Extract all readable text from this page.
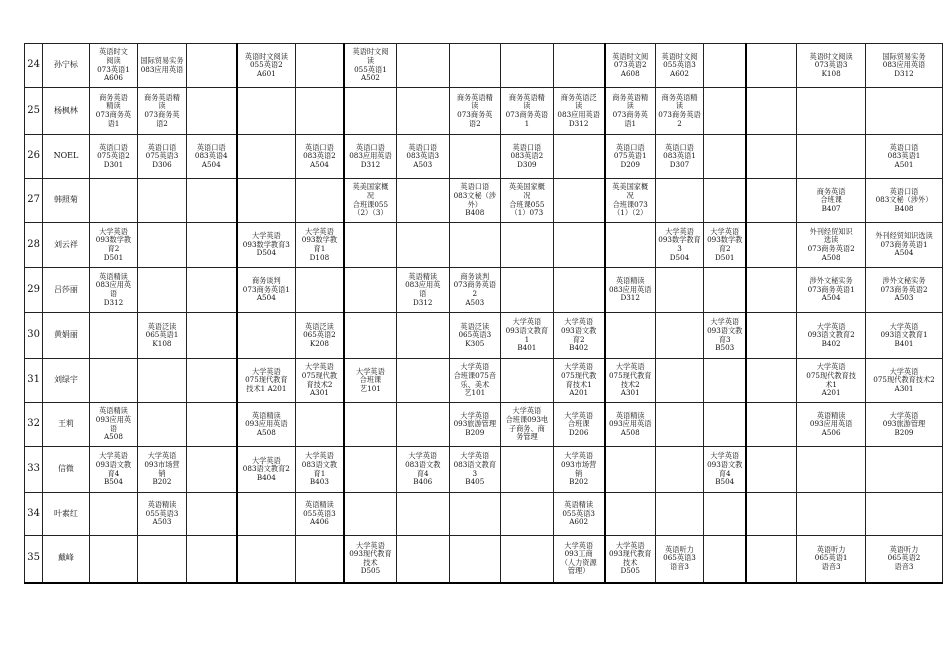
24	孙宁标	英语时文
阅读
073英语1
A606	国际贸易实务
083应用英语		英语时文阅读
055英语2
A601		英语时文阅
读
055英语1
A502					英语时文阅
073英语2
A608	英语时文阅
055英语3
A602			英语时文阅读
073英语3
K108	国际贸易实务
083应用英语
D312

25	杨枫林	商务英语
精读
073商务英
语1	商务英语精
读
073商务英
语2						商务英语精
读
073商务英
语2	商务英语精
读
073商务英语
1	商务英语泛
读
083应用英语
D312	商务英语精
读
073商务英
语1	商务英语精
读
073商务英语
2				

26	NOEL	英语口语
075英语2
D301	英语口语
075英语3
D306	英语口语
083英语4
A504		英语口语
083英语2
A504	英语口语
083应用英语
D312	英语口语
083英语3
A503		英语口语
083英语2
D309		英语口语
075英语1
D209	英语口语
083英语1
D307				英语口语
083英语1
A501

27	韩照菊						英美国家概
况
合班课055
（2）（3）		英语口语
083文秘（涉
外）
B408	英美国家概
况
合班课055
（1）073		英美国家概
况
合班课073
（1）（2）				商务英语
合班课
B407	英语口语
083文秘（涉外）
B408

28	刘云祥	大学英语
093数学教
育2
D501			大学英语
093数学教育3
D504	大学英语
093数学教
育1
D108							大学英语
093数学教育
3
D504	大学英语
093数学教
育2
D501		外刊经贸知识
选读
073商务英语2
A508	外刊经贸知识选读
073商务英语1
A504

29	吕莎丽	英语精读
083应用英
语
D312			商务谈判
073商务英语1
A504			英语精读
083应用英
语
D312	商务谈判
073商务英语
2
A503			英语精读
083应用英语
D312				涉外文秘实务
073商务英语1
A504	涉外文秘实务
073商务英语2
A503

30	黄娟丽		英语泛读
065英语1
K108			英语泛读
065英语2
K208			英语泛读
065英语3
K305	大学英语
093语文教育
1
B401	大学英语
093语文教
育2
B402			大学英语
093语文教
育3
B503		大学英语
093语文教育2
B402	大学英语
093语文教育1
B401

31	刘绿宇				大学英语
075现代教育
技术1 A201	大学英语
075现代教
育技术2
A301	大学英语
合班课
艺101		大学英语
合班课075音
乐、美术
艺101		大学英语
075现代教
育技术1
A201	大学英语
075现代教育
技术2
A301				大学英语
075现代教育技
术1
A201	大学英语
075现代教育技术2
A301

32	王莉	英语精读
093应用英
语
A508			英语精读
093应用英语
A508				大学英语
093旅游管理
B209	大学英语
合班课093电
子商务、商
务管理	大学英语
合班课
D206	英语精读
093应用英语
A508				英语精读
093应用英语
A506	大学英语
093旅游管理
B209

33	信微	大学英语
093语文教
育4
B504	大学英语
093市场营
销
B202		大学英语
083语文教育2
B404	大学英语
083语文教
育1
B403		大学英语
083语文教
育4
B406	大学英语
083语文教育
3
B405		大学英语
093市场营
销
B202			大学英语
093语文教
育4
B504			

34	叶素红		英语精读
055英语3
A503			英语精读
055英语3
A406					英语精读
055英语3
A602						

35	戴峰						大学英语
093现代教育
技术
D505				大学英语
093工商
（人力资源
管理）	大学英语
093现代教育
技术
D505	英语听力
065英语3
语音3			英语听力
065英语1
语音3	英语听力
065英语2
语音3
